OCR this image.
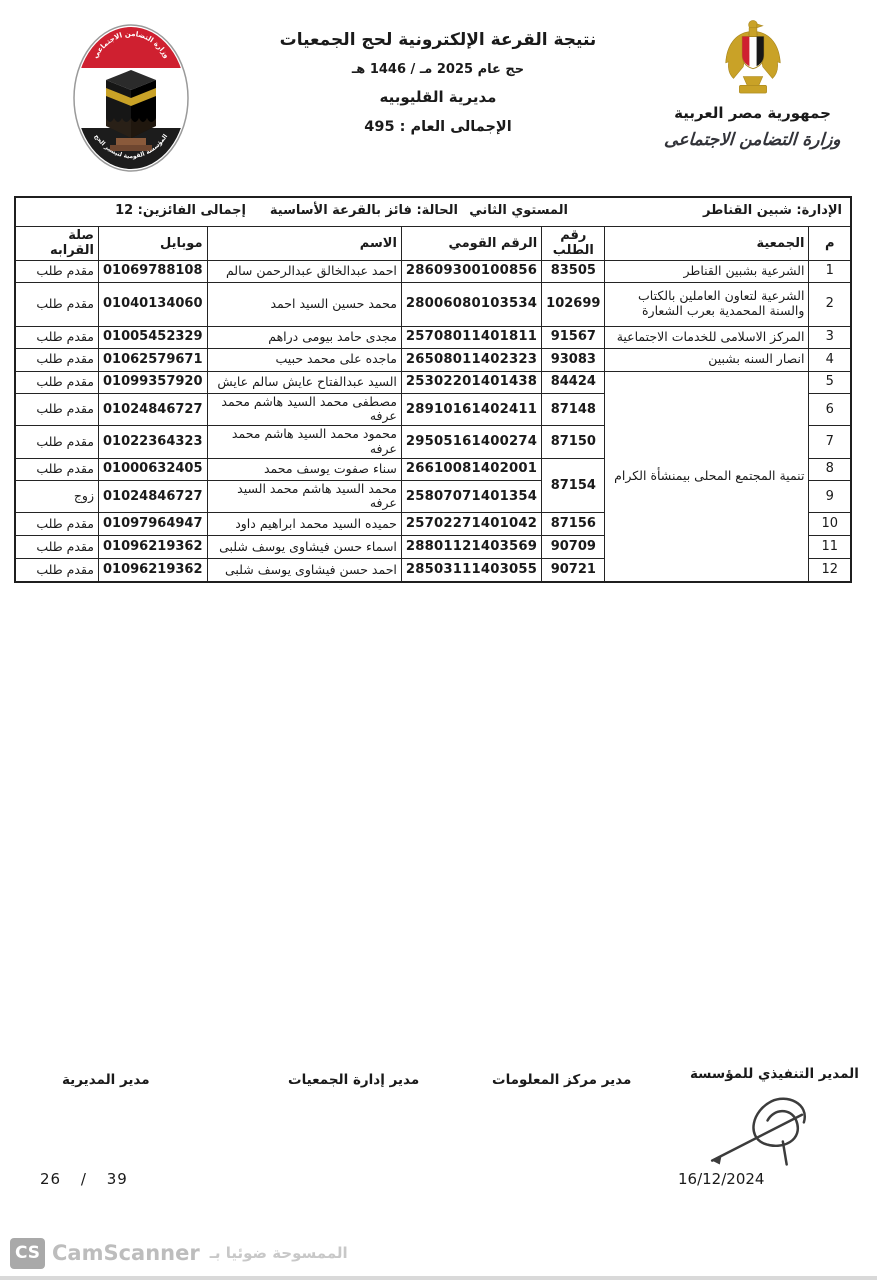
وزارة التضامن الاجتماعي
المؤسسة القومية لتيسير الحج
نتيجة القرعة الإلكترونية لحج الجمعيات
حج عام 2025 مـ / 1446 هـ
مديرية القليوبيه
الإجمالى العام : 495
جمهورية مصر العربية
وزارة التضامن الاجتماعى
الإدارة: شبين القناطر
المستوي الثاني
الحالة: فائز بالقرعة الأساسية
إجمالى الفائزين: 12						

م	الجمعية	رقم الطلب	الرقم القومي	الاسم	موبايل	صلة القرابه
1	الشرعية بشبين القناطر	83505	28609300100856	احمد عبدالخالق عبدالرحمن سالم	01069788108	مقدم طلب
2	الشرعية لتعاون العاملين بالكتاب والسنة المحمدية بعرب الشعارة	102699	28006080103534	محمد حسين السيد احمد	01040134060	مقدم طلب
3	المركز الاسلامى للخدمات الاجتماعية	91567	25708011401811	مجدى حامد بيومى دراهم	01005452329	مقدم طلب
4	انصار السنه بشبين	93083	26508011402323	ماجده على محمد حبيب	01062579671	مقدم طلب
5	تنمية المجتمع المحلى بيمنشأة الكرام	84424	25302201401438	السيد عبدالفتاح عايش سالم عايش	01099357920	مقدم طلب
6		87148	28910161402411	مصطفى محمد السيد هاشم محمد عرفه	01024846727	مقدم طلب
7		87150	29505161400274	محمود محمد السيد هاشم محمد عرفه	01022364323	مقدم طلب
8		87154	26610081402001	سناء صفوت يوسف محمد	01000632405	مقدم طلب
9			25807071401354	محمد السيد هاشم محمد السيد عرفه	01024846727	زوج
10		87156	25702271401042	حميده السيد محمد ابراهيم داود	01097964947	مقدم طلب
11		90709	28801121403569	اسماء حسن فيشاوى يوسف شلبى	01096219362	مقدم طلب
12		90721	28503111403055	احمد حسن فيشاوى يوسف شلبى	01096219362	مقدم طلب
المدير التنفيذي للمؤسسة
مدير مركز المعلومات
مدير إدارة الجمعيات
مدير المديرية
16/12/2024
26 / 39
CS CamScanner الممسوحة ضوئيا بـ
